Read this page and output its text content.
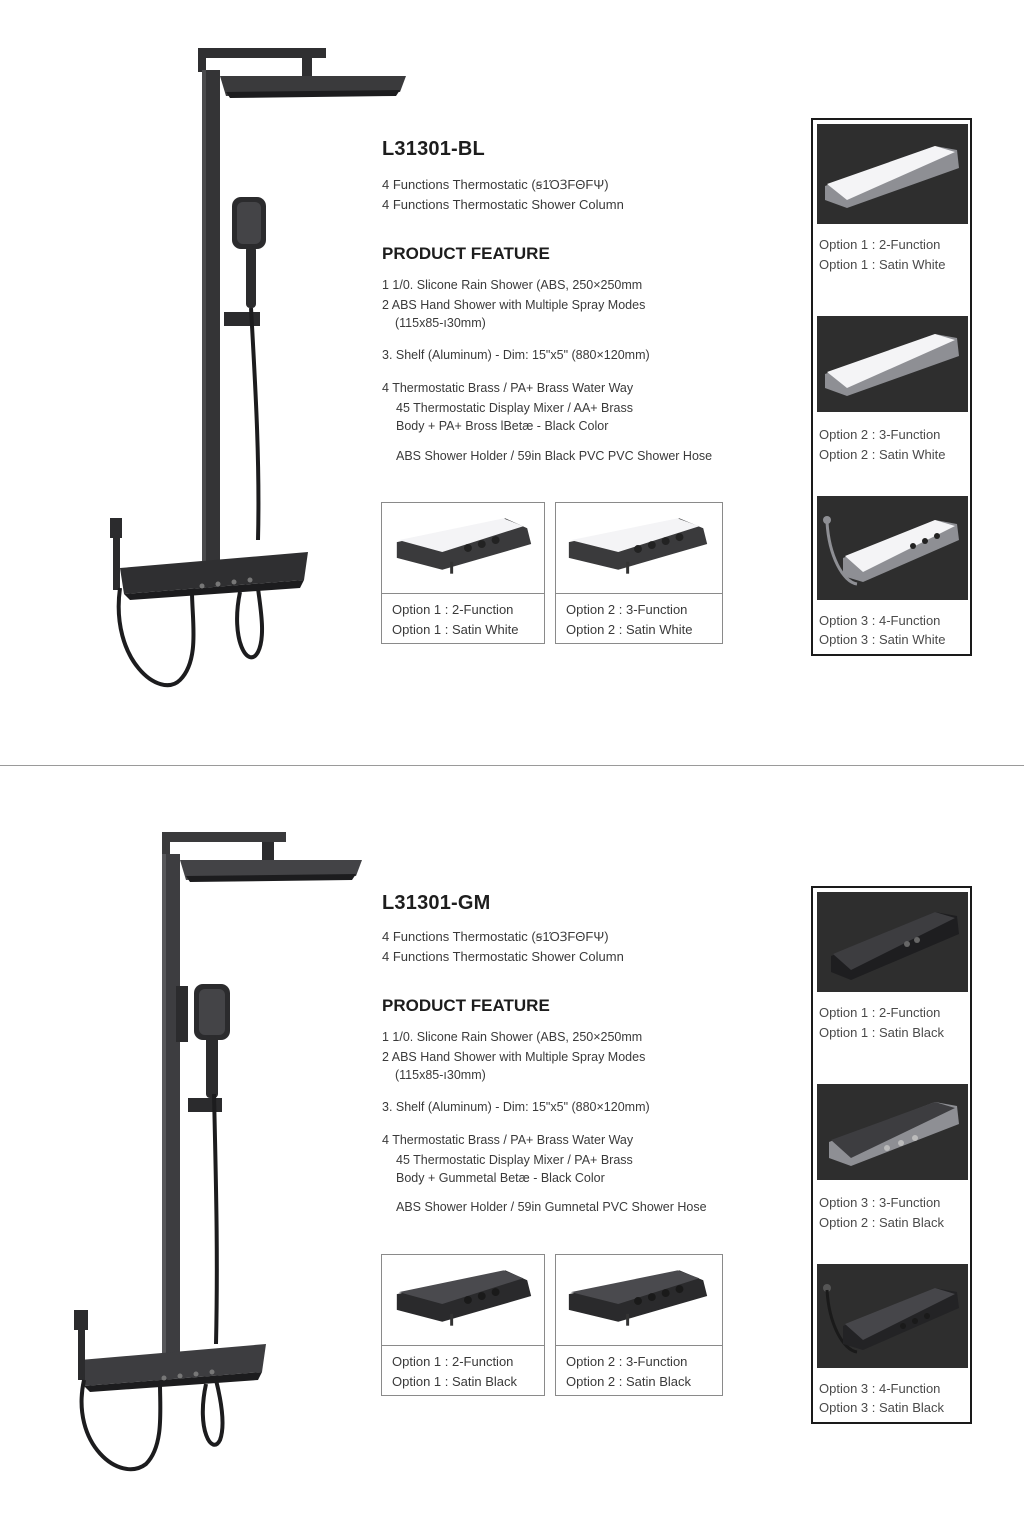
L31301-BL
4 Functions Thermostatic (ꞩ1ΌꞫFΘFΨ)
4 Functions Thermostatic Shower Column
PRODUCT FEATURE
1 1/0. Slicone Rain Shower (ABS, 250×250mm
2 ABS Hand Shower with Multiple Spray Modes
(115x85-ı30mm)
3. Shelf (Aluminum) - Dim: 15"x5" (880×120mm)
4 Thermostatic Brass / PA+ Brass Water Way
45 Thermostatic Display Mixer / AA+ Brass
Body + PA+ Bross lBetæ - Black Color
ABS Shower Holder / 59in Black PVC PVC Shower Hose
Option 1 : 2-Function
Option 1 : Satin White
Option 2 : 3-Function
Option 2 : Satin White
Option 1 : 2-Function
Option 1 : Satin White
Option 2 : 3-Function
Option 2 : Satin White
Option 3 : 4-Function
Option 3 : Satin White
L31301-GM
4 Functions Thermostatic (ꞩ1ΌꞫFΘFΨ)
4 Functions Thermostatic Shower Column
PRODUCT FEATURE
1 1/0. Slicone Rain Shower (ABS, 250×250mm
2 ABS Hand Shower with Multiple Spray Modes
(115x85-ı30mm)
3. Shelf (Aluminum) - Dim: 15"x5" (880×120mm)
4 Thermostatic Brass / PA+ Brass Water Way
45 Thermostatic Display Mixer / PA+ Brass
Body + Gummetal Betæ - Black Color
ABS Shower Holder / 59in Gumnetal PVC Shower Hose
Option 1 : 2-Function
Option 1 : Satin Black
Option 2 : 3-Function
Option 2 : Satin Black
Option 1 : 2-Function
Option 1 : Satin Black
Option 3 : 3-Function
Option 2 : Satin Black
Option 3 : 4-Function
Option 3 : Satin Black
